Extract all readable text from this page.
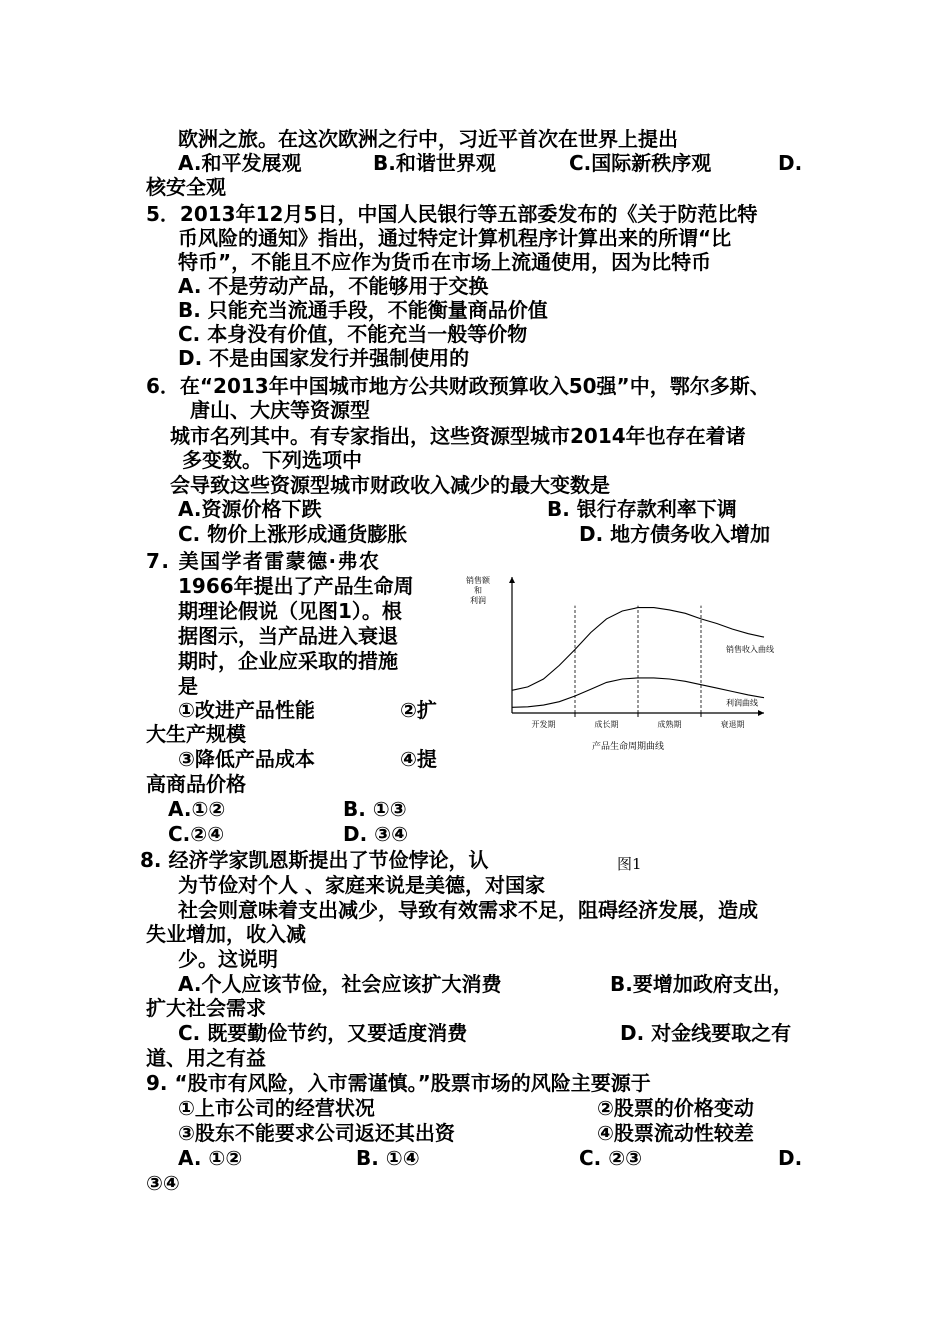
欧洲之旅。在这次欧洲之行中，习近平首次在世界上提出
A.和平发展观	B.和谐世界观	C.国际新秩序观	D.
核安全观
5．2013年12月5日，中国人民银行等五部委发布的《关于防范比特
币风险的通知》指出，通过特定计算机程序计算出来的所谓“比
特币”，不能且不应作为货币在市场上流通使用，因为比特币
A. 不是劳动产品，不能够用于交换
B. 只能充当流通手段，不能衡量商品价值
C. 本身没有价值，不能充当一般等价物
D. 不是由国家发行并强制使用的
6．在“2013年中国城市地方公共财政预算收入50强”中，鄂尔多斯、
唐山、大庆等资源型
城市名列其中。有专家指出，这些资源型城市2014年也存在着诸
多变数。下列选项中
会导致这些资源型城市财政收入减少的最大变数是
A.资源价格下跌	B. 银行存款利率下调
C. 物价上涨形成通货膨胀	D. 地方债务收入增加
7. 美国学者雷蒙德·弗农
1966年提出了产品生命周
期理论假说（见图1）。根
据图示，当产品进入衰退
期时，企业应采取的措施
是
①改进产品性能	②扩
大生产规模
③降低产品成本	④提
高商品价格
A.①②	B. ①③
C.②④	D. ③④
8. 经济学家凯恩斯提出了节俭悖论，认
为节俭对个人 、家庭来说是美德，对国家
社会则意味着支出减少，导致有效需求不足，阻碍经济发展，造成
失业增加，收入减
少。这说明
A.个人应该节俭，社会应该扩大消费	B.要增加政府支出，
扩大社会需求
C. 既要勤俭节约，又要适度消费	D. 对金线要取之有
道、用之有益
9. “股市有风险，入市需谨慎。”股票市场的风险主要源于
①上市公司的经营状况	②股票的价格变动
③股东不能要求公司返还其出资	④股票流动性较差
A. ①②	B. ①④	C. ②③	D.
③④
销售额
和
利润
开发期	成长期	成熟期	衰退期
销售收入曲线
利润曲线
产品生命周期曲线
图1
